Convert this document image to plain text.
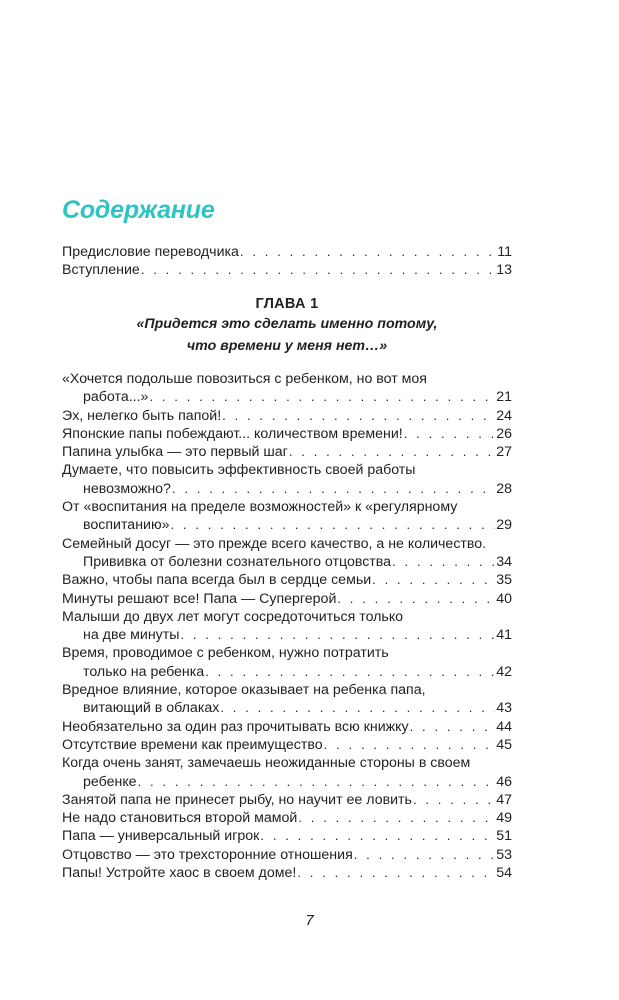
Содержание
Предисловие переводчика . . .	11
Вступление . . .	13
ГЛАВА 1
«Придется это сделать именно потому,
что времени у меня нет…»
«Хочется подольше повозиться с ребенком, но вот моя
работа...» . . .	21
Эх, нелегко быть папой! . . .	24
Японские папы побеждают... количеством времени! . . .	26
Папина улыбка — это первый шаг . . .	27
Думаете, что повысить эффективность своей работы
невозможно? . . .	28
От «воспитания на пределе возможностей» к «регулярному
воспитанию» . . .	29
Семейный досуг — это прежде всего качество, а не количество.
Прививка от болезни сознательного отцовства . . .	34
Важно, чтобы папа всегда был в сердце семьи . . .	35
Минуты решают все! Папа — Супергерой . . .	40
Малыши до двух лет могут сосредоточиться только
на две минуты . . .	41
Время, проводимое с ребенком, нужно потратить
только на ребенка . . .	42
Вредное влияние, которое оказывает на ребенка папа,
витающий в облаках . . .	43
Необязательно за один раз прочитывать всю книжку . . .	44
Отсутствие времени как преимущество . . .	45
Когда очень занят, замечаешь неожиданные стороны в своем
ребенке . . .	46
Занятой папа не принесет рыбу, но научит ее ловить . . .	47
Не надо становиться второй мамой . . .	49
Папа — универсальный игрок . . .	51
Отцовство — это трехсторонние отношения . . .	53
Папы! Устройте хаос в своем доме! . . .	54
7
